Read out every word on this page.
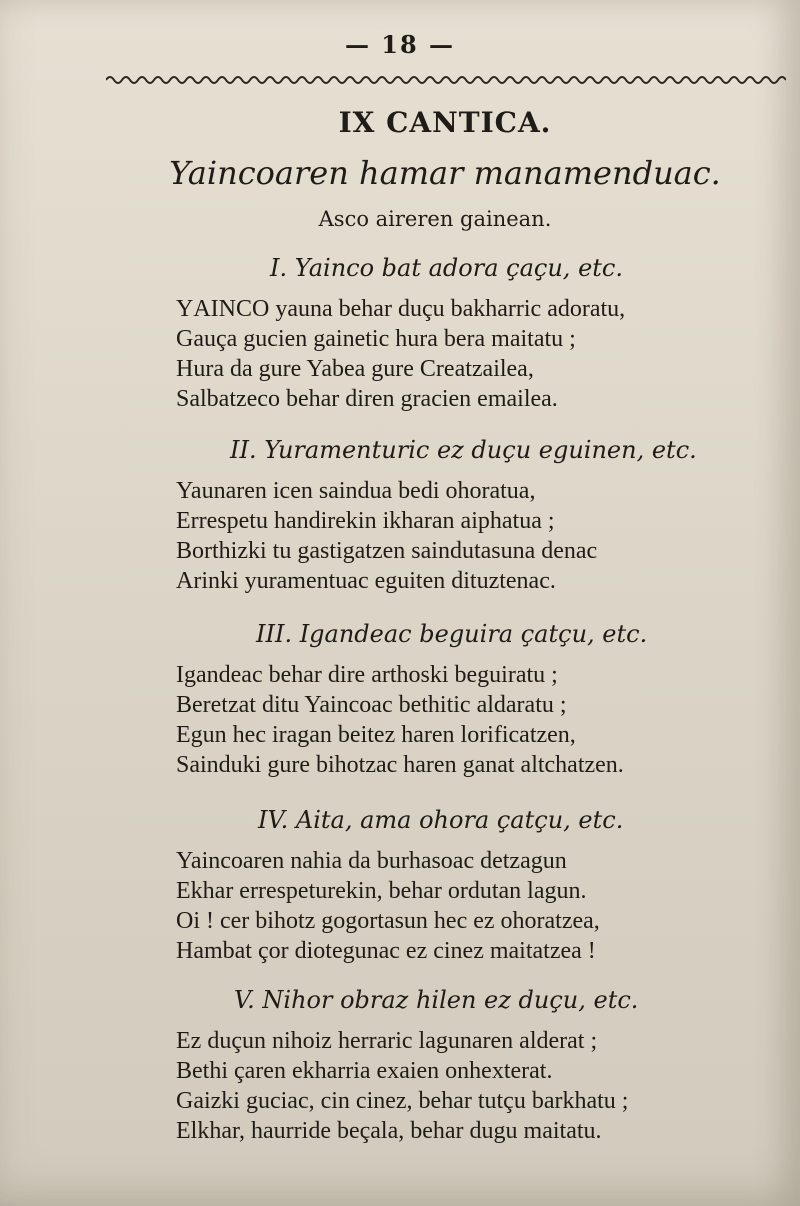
— 18 —
IX CANTICA.
Yaincoaren hamar manamenduac.
Asco aireren gainean.
I. Yainco bat adora çaçu, etc.
YAINCO yauna behar duçu bakharric adoratu,
Gauça gucien gainetic hura bera maitatu ;
Hura da gure Yabea gure Creatzailea,
Salbatzeco behar diren gracien emailea.
II. Yuramenturic ez duçu eguinen, etc.
Yaunaren icen saindua bedi ohoratua,
Errespetu handirekin ikharan aiphatua ;
Borthizki tu gastigatzen saindutasuna denac
Arinki yuramentuac eguiten dituztenac.
III. Igandeac beguira çatçu, etc.
Igandeac behar dire arthoski beguiratu ;
Beretzat ditu Yaincoac bethitic aldaratu ;
Egun hec iragan beitez haren lorificatzen,
Sainduki gure bihotzac haren ganat altchatzen.
IV. Aita, ama ohora çatçu, etc.
Yaincoaren nahia da burhasoac detzagun
Ekhar errespeturekin, behar ordutan lagun.
Oi ! cer bihotz gogortasun hec ez ohoratzea,
Hambat çor diotegunac ez cinez maitatzea !
V. Nihor obraz hilen ez duçu, etc.
Ez duçun nihoiz herraric lagunaren alderat ;
Bethi çaren ekharria exaien onhexterat.
Gaizki guciac, cin cinez, behar tutçu barkhatu ;
Elkhar, haurride beçala, behar dugu maitatu.
